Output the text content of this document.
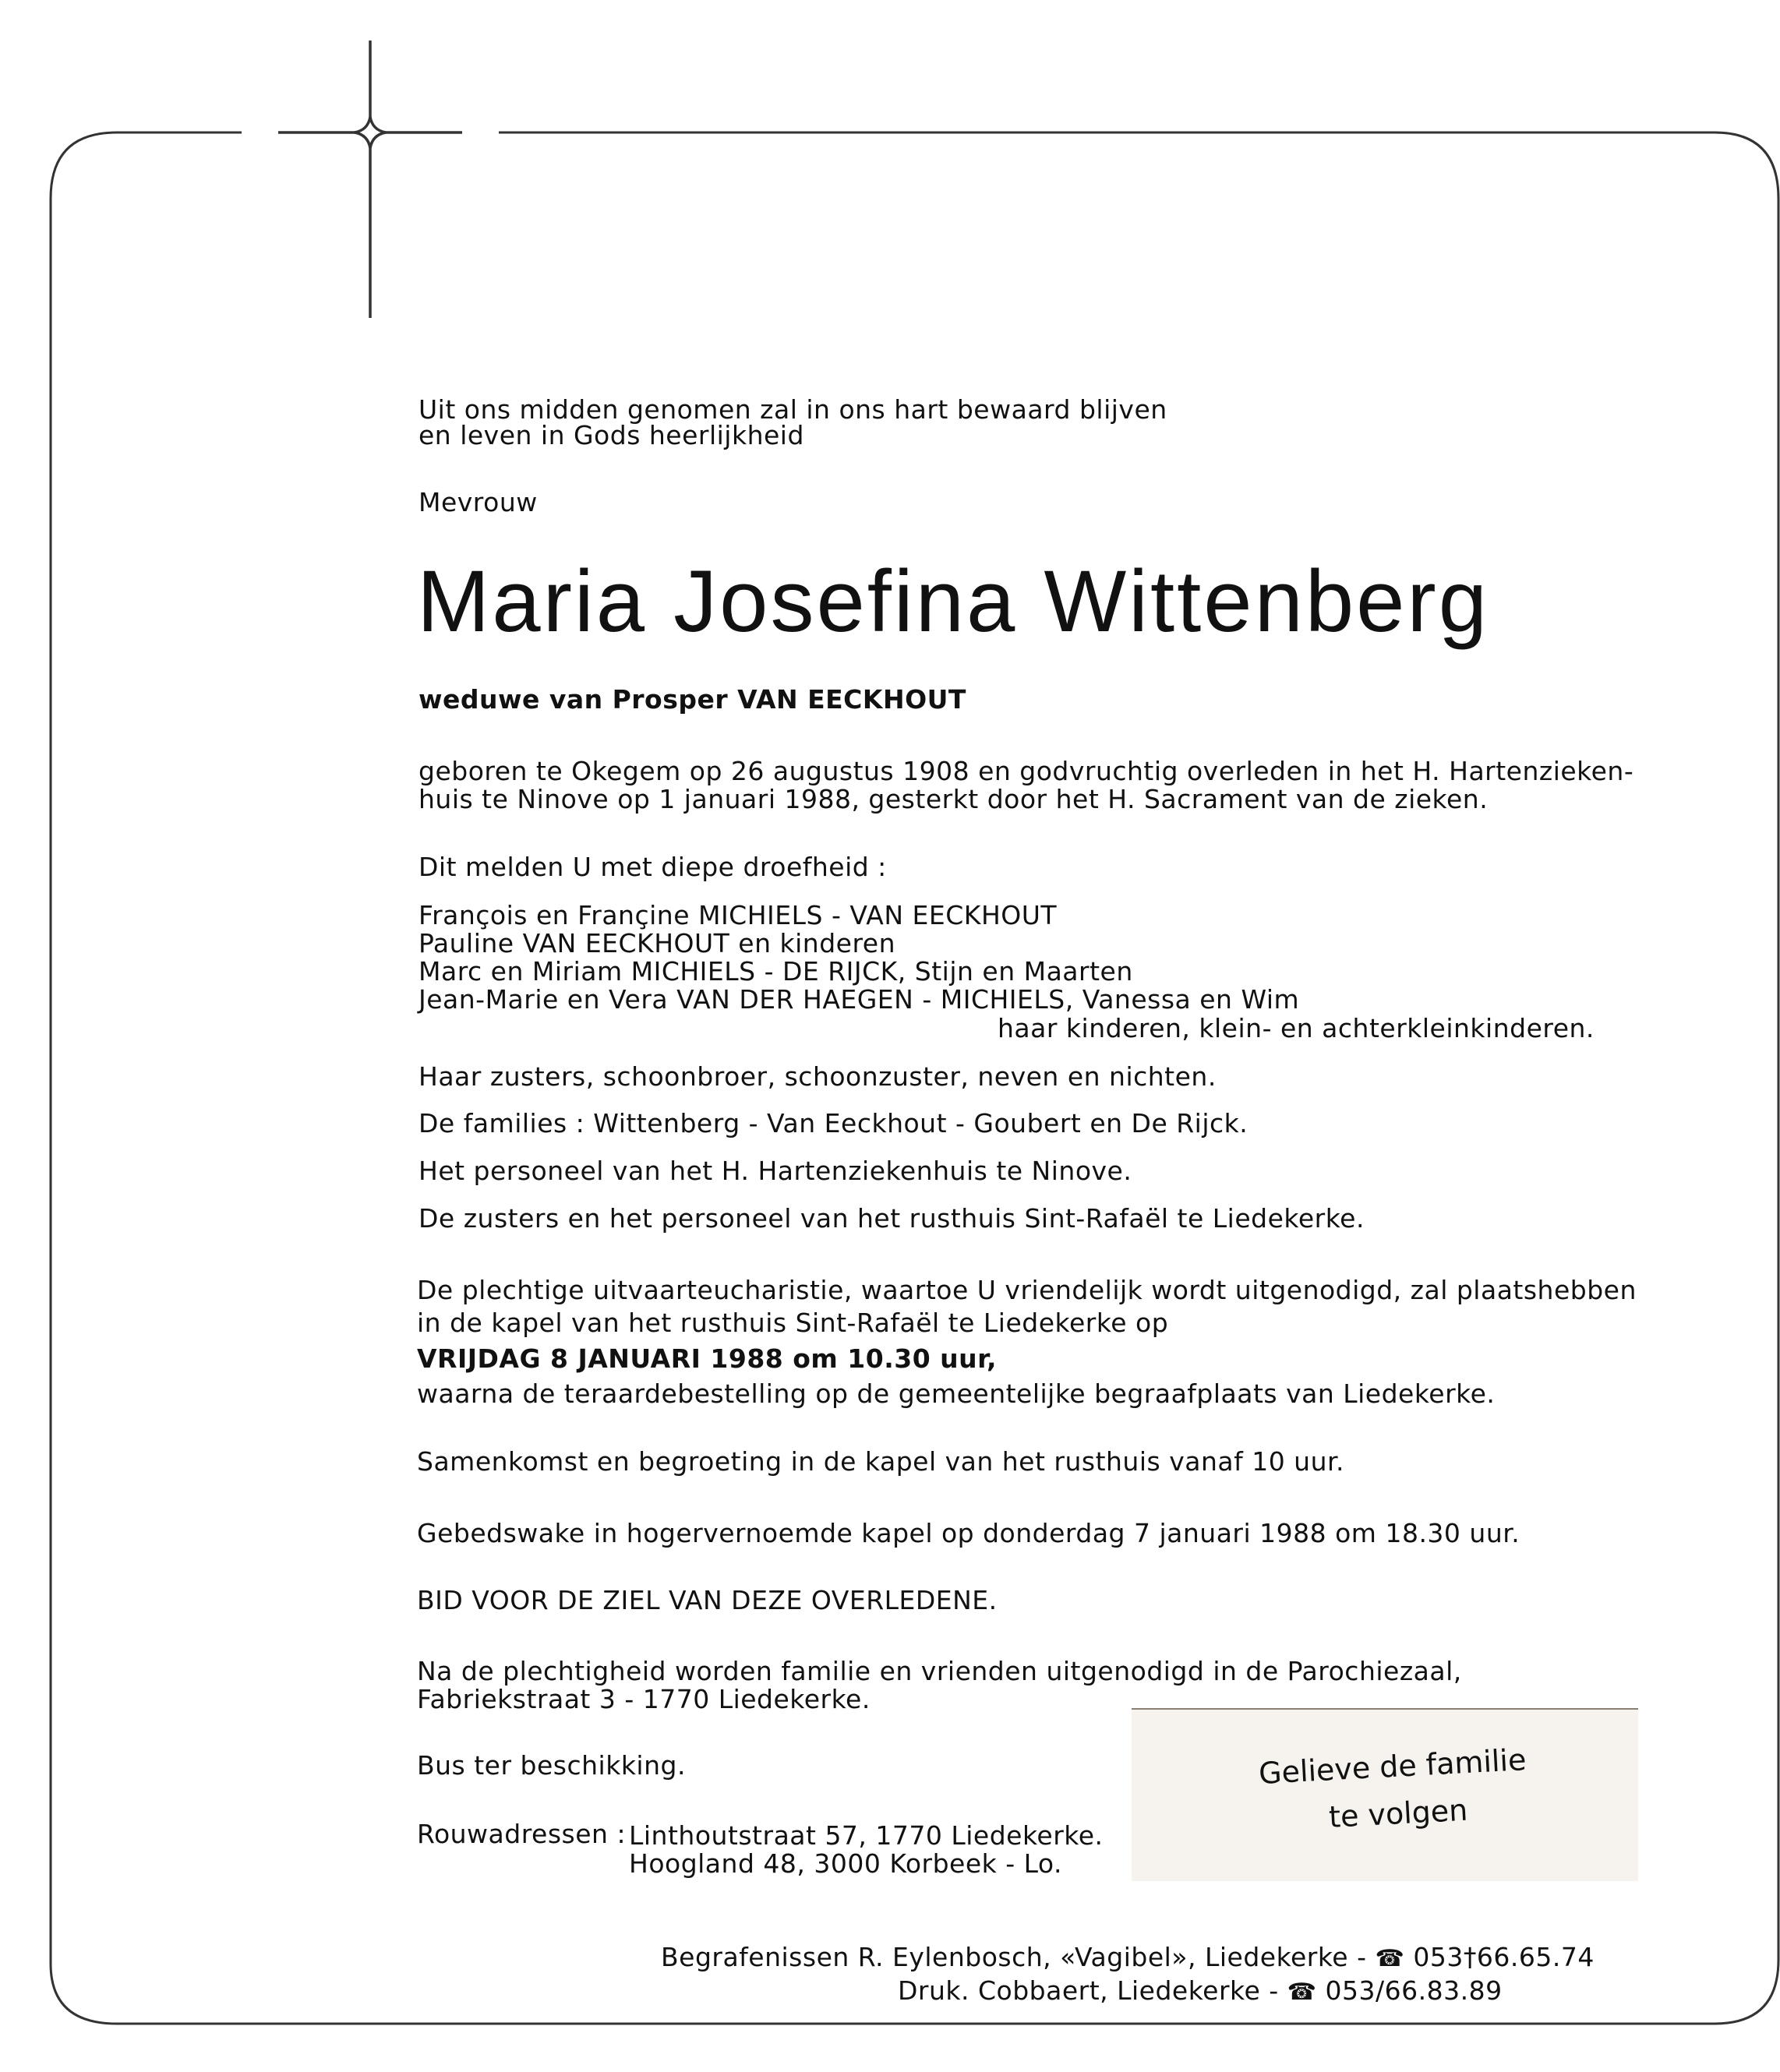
Uit ons midden genomen zal in ons hart bewaard blijven

en leven in Gods heerlijkheid

Mevrouw

Maria Josefina Wittenberg

weduwe van Prosper VAN EECKHOUT

geboren te Okegem op 26 augustus 1908 en godvruchtig overleden in het H. Hartenzieken-

huis te Ninove op 1 januari 1988, gesterkt door het H. Sacrament van de zieken.

Dit melden U met diepe droefheid :

François en Françine MICHIELS - VAN EECKHOUT

Pauline VAN EECKHOUT en kinderen

Marc en Miriam MICHIELS - DE RIJCK, Stijn en Maarten

Jean-Marie en Vera VAN DER HAEGEN - MICHIELS, Vanessa en Wim

haar kinderen, klein- en achterkleinkinderen.

Haar zusters, schoonbroer, schoonzuster, neven en nichten.

De families : Wittenberg - Van Eeckhout - Goubert en De Rijck.

Het personeel van het H. Hartenziekenhuis te Ninove.

De zusters en het personeel van het rusthuis Sint-Rafaël te Liedekerke.

De plechtige uitvaarteucharistie, waartoe U vriendelijk wordt uitgenodigd, zal plaatshebben

in de kapel van het rusthuis Sint-Rafaël te Liedekerke op

VRIJDAG 8 JANUARI 1988 om 10.30 uur,

waarna de teraardebestelling op de gemeentelijke begraafplaats van Liedekerke.

Samenkomst en begroeting in de kapel van het rusthuis vanaf 10 uur.

Gebedswake in hogervernoemde kapel op donderdag 7 januari 1988 om 18.30 uur.

BID VOOR DE ZIEL VAN DEZE OVERLEDENE.

Na de plechtigheid worden familie en vrienden uitgenodigd in de Parochiezaal,

Fabriekstraat 3 - 1770 Liedekerke.

Bus ter beschikking.

Rouwadressen : Linthoutstraat 57, 1770 Liedekerke.

Hoogland 48, 3000 Korbeek - Lo.

Gelieve de familie

te volgen

Begrafenissen R. Eylenbosch, «Vagibel», Liedekerke - ☎ 053†66.65.74

Druk. Cobbaert, Liedekerke - ☎ 053/66.83.89
